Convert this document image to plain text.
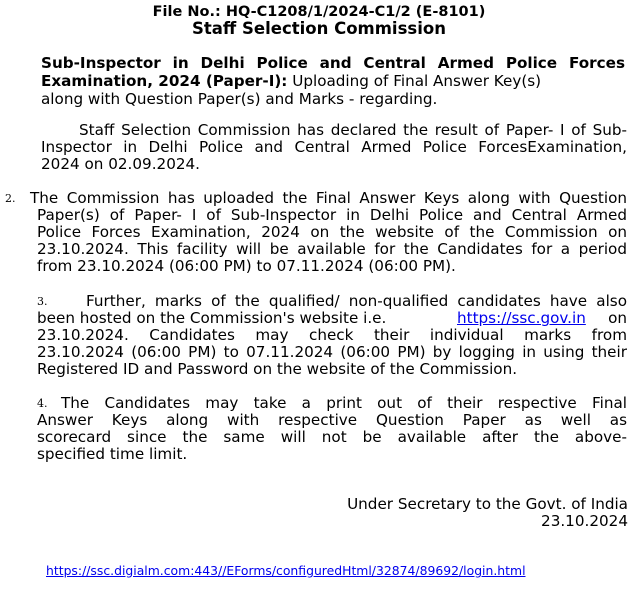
File No.: HQ-C1208/1/2024-C1/2 (E-8101)
Staff Selection Commission
Sub-Inspector in Delhi Police and Central Armed Police Forces
Examination, 2024 (Paper-I): Uploading of Final Answer Key(s)
along with Question Paper(s) and Marks - regarding.
Staff Selection Commission has declared the result of Paper- I of Sub-
Inspector in Delhi Police and Central Armed Police ForcesExamination,
2024 on 02.09.2024.
2. The Commission has uploaded the Final Answer Keys along with Question
Paper(s) of Paper- I of Sub-Inspector in Delhi Police and Central Armed
Police Forces Examination, 2024 on the website of the Commission on
23.10.2024. This facility will be available for the Candidates for a period
from 23.10.2024 (06:00 PM) to 07.11.2024 (06:00 PM).
3.	Further, marks of the qualified/ non-qualified candidates have also
been hosted on the Commission's website i.e.	https://ssc.gov.in on
23.10.2024. Candidates may check their individual marks from
23.10.2024 (06:00 PM) to 07.11.2024 (06:00 PM) by logging in using their
Registered ID and Password on the website of the Commission.
4. The Candidates may take a print out of their respective Final
Answer Keys along with respective Question Paper as well as
scorecard since the same will not be available after the above-
specified time limit.
Under Secretary to the Govt. of India
23.10.2024
https://ssc.digialm.com:443//EForms/configuredHtml/32874/89692/login.html
